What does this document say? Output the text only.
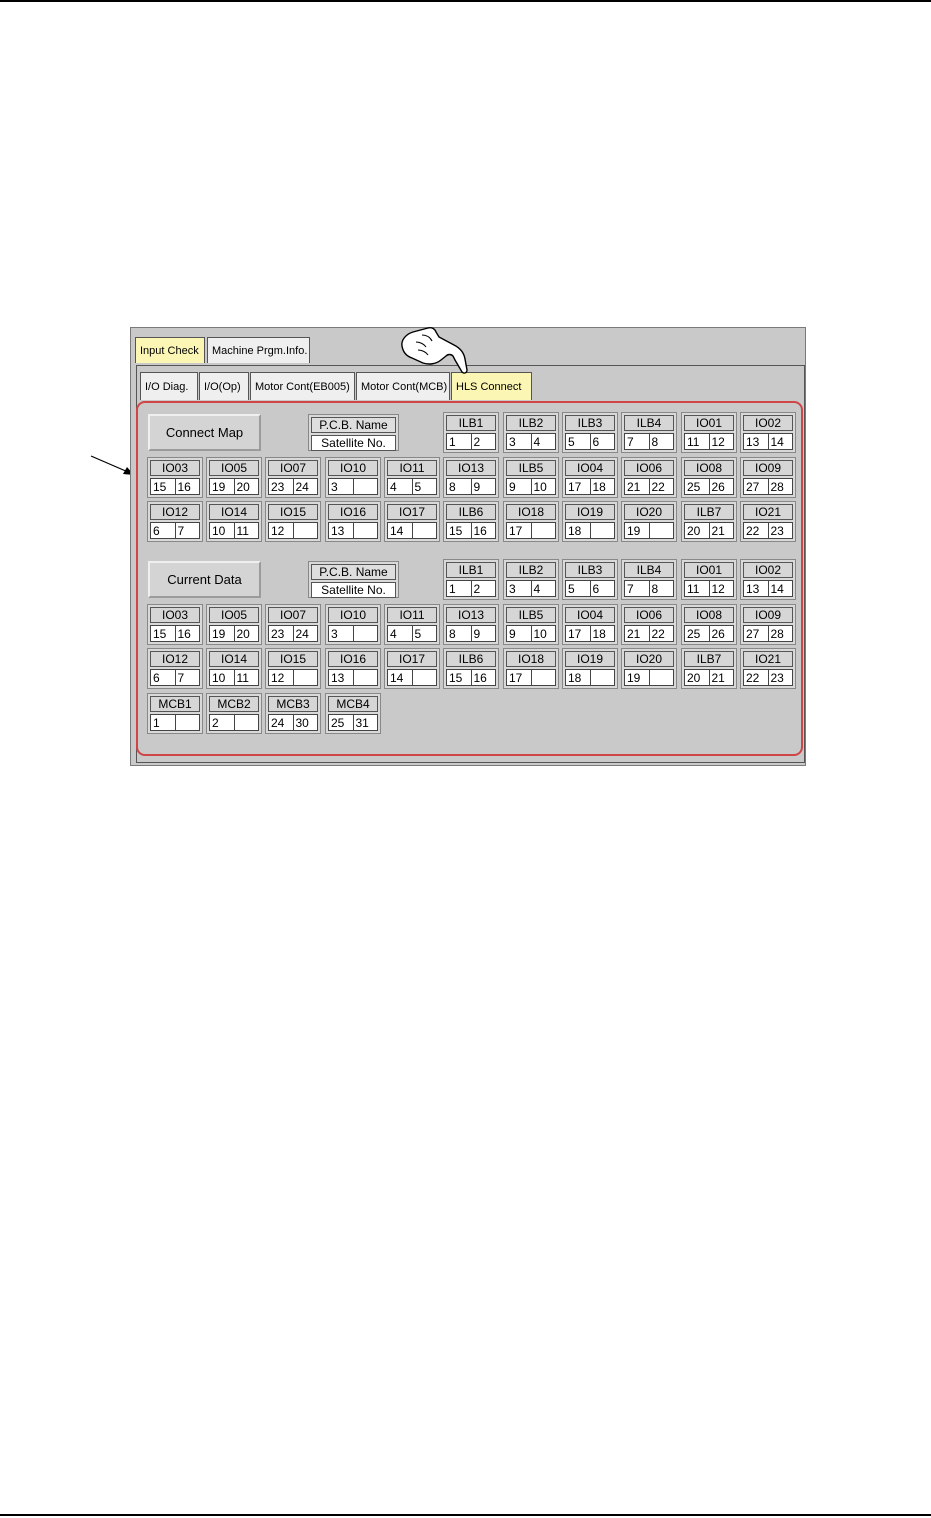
Input Check	Machine Prgm.Info.
I/O Diag.	I/O(Op)	Motor Cont(EB005)	Motor Cont(MCB) HLS Connect
Connect Map	P.C.B. Name
Satellite No.
ILB1
1	2
ILB2
3	4
ILB3
5	6
ILB4
7	8
IO01
11	12
IO02
13 14
IO03
15 16
IO05
19 20
IO07
23 24
IO10
3
IO11
4	5
IO13
8	9
ILB5
9	10
IO04
17 18
IO06
21 22
IO08
25 26
IO09
27 28
IO12
6	7
IO14
10 11
IO15
12
IO16
13
IO17
14
ILB6
15 16
IO18
17
IO19
18
IO20
19
ILB7
20 21
IO21
22 23
Current Data	P.C.B. Name
Satellite No.
ILB1
1	2
ILB2
3	4
ILB3
5	6
ILB4
7	8
IO01
11	12
IO02
13 14
IO03
15 16
IO05
19 20
IO07
23 24
IO10
3
IO11
4	5
IO13
8	9
ILB5
9	10
IO04
17 18
IO06
21 22
IO08
25 26
IO09
27 28
IO12
6	7
IO14
10 11
IO15
12
IO16
13
IO17
14
ILB6
15 16
IO18
17
IO19
18
IO20
19
ILB7
20 21
IO21
22 23
MCB1
1
MCB2
2
MCB3
24 30
MCB4
25 31
